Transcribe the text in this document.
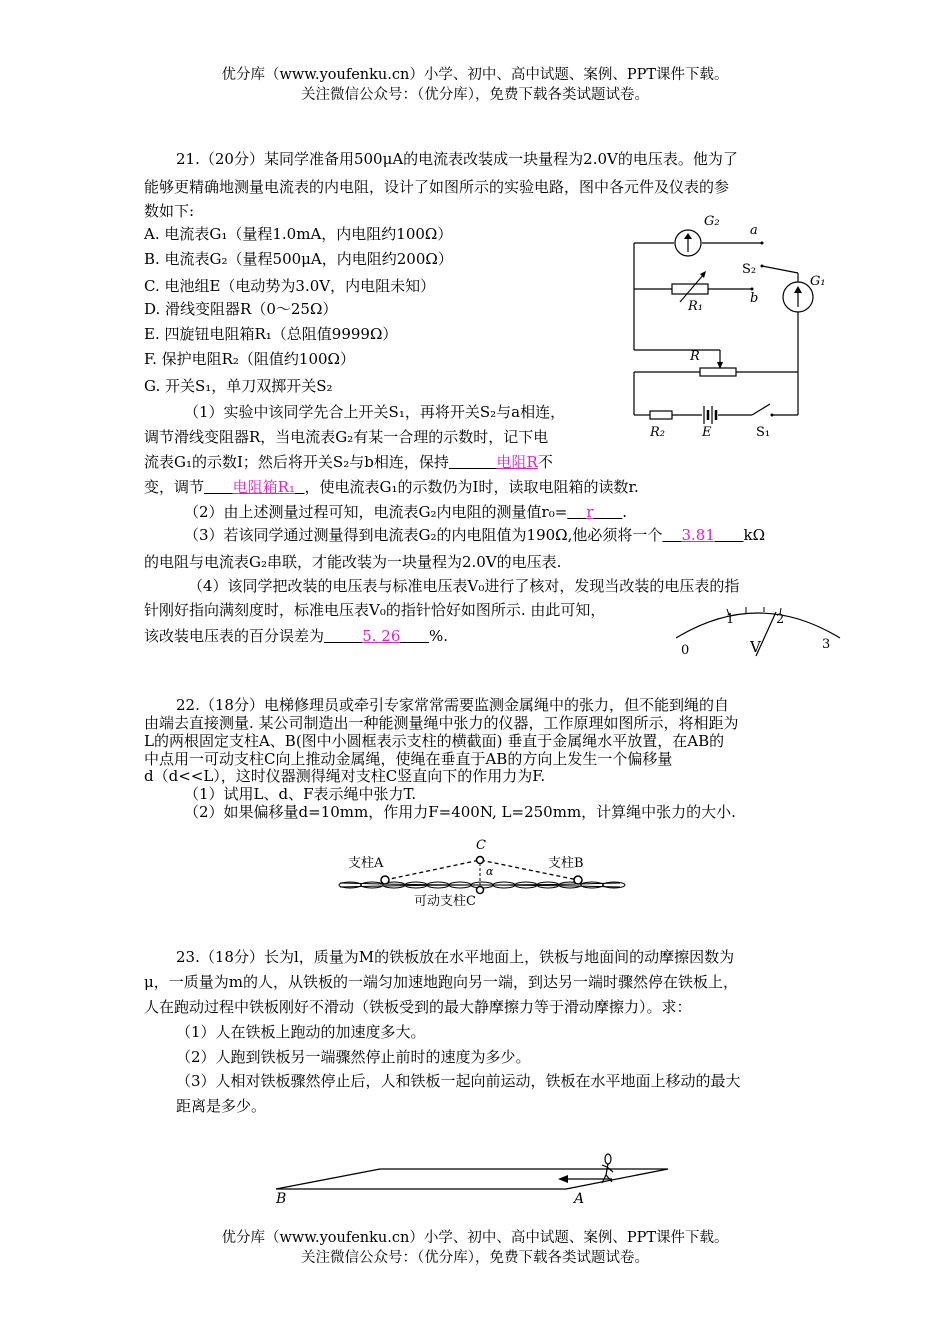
优分库（www.youfenku.cn）小学、初中、高中试题、案例、PPT课件下载。
关注微信公众号：（优分库），免费下载各类试题试卷。
21.（20分）某同学准备用500μA的电流表改装成一块量程为2.0V的电压表。他为了
能够更精确地测量电流表的内电阻，设计了如图所示的实验电路，图中各元件及仪表的参
数如下:
A. 电流表G₁（量程1.0mA，内电阻约100Ω）
B. 电流表G₂（量程500μA，内电阻约200Ω）
C. 电池组E（电动势为3.0V，内电阻未知）
D. 滑线变阻器R（0～25Ω）
E. 四旋钮电阻箱R₁（总阻值9999Ω）
F. 保护电阻R₂（阻值约100Ω）
G. 开关S₁，单刀双掷开关S₂
（1）实验中该同学先合上开关S₁，再将开关S₂与a相连，
调节滑线变阻器R，当电流表G₂有某一合理的示数时，记下电
流表G₁的示数I；然后将开关S₂与b相连，保持     	电阻R不
变，调节    电阻箱R₁  ，使电流表G₁的示数仍为I时，读取电阻箱的读数r.
（2）由上述测量过程可知，电流表G₂内电阻的测量值r₀=   r    .
（3）若该同学通过测量得到电流表G₂的内电阻值为190Ω,他必须将一个   3.81    kΩ
的电阻与电流表G₂串联，才能改装为一块量程为2.0V的电压表.
（4）该同学把改装的电压表与标准电压表V₀进行了核对，发现当改装的电压表的指
针刚好指向满刻度时，标准电压表V₀的指针恰好如图所示. 由此可知，
该改装电压表的百分误差为    	5. 26    %.
G₂
a
S₂
G₁
b
R₁
R
R₂	E	S₁
0
1	2
3
V
22.（18分）电梯修理员或牵引专家常常需要监测金属绳中的张力，但不能到绳的自
由端去直接测量. 某公司制造出一种能测量绳中张力的仪器，工作原理如图所示，将相距为
L的两根固定支柱A、B(图中小圆框表示支柱的横截面) 垂直于金属绳水平放置，在AB的
中点用一可动支柱C向上推动金属绳，使绳在垂直于AB的方向上发生一个偏移量
d（d<<L），这时仪器测得绳对支柱C竖直向下的作用力为F.
（1）试用L、d、F表示绳中张力T.
（2）如果偏移量d=10mm，作用力F=400N, L=250mm，计算绳中张力的大小.
C
支柱A	支柱B
α
可动支柱C
23.（18分）长为l，质量为M的铁板放在水平地面上，铁板与地面间的动摩擦因数为
μ，一质量为m的人，从铁板的一端匀加速地跑向另一端，到达另一端时骤然停在铁板上，
人在跑动过程中铁板刚好不滑动（铁板受到的最大静摩擦力等于滑动摩擦力）。求：
（1）人在铁板上跑动的加速度多大。
（2）人跑到铁板另一端骤然停止前时的速度为多少。
（3）人相对铁板骤然停止后，人和铁板一起向前运动，铁板在水平地面上移动的最大
距离是多少。
B	A
优分库（www.youfenku.cn）小学、初中、高中试题、案例、PPT课件下载。
关注微信公众号：（优分库），免费下载各类试题试卷。
